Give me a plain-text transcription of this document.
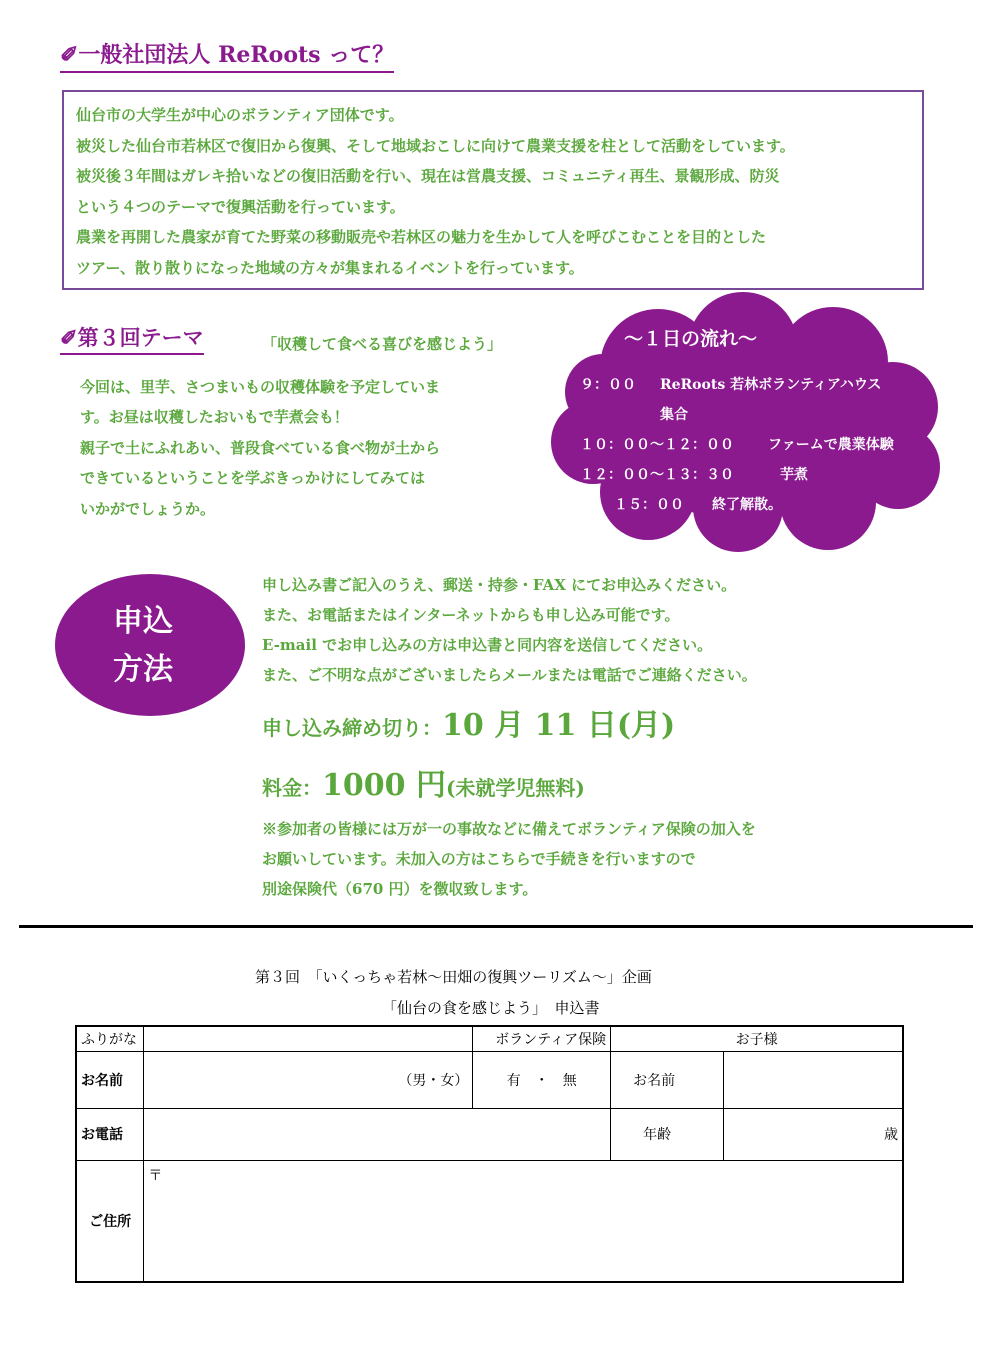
✐一般社団法人 ReRoots って？
仙台市の大学生が中心のボランティア団体です。
被災した仙台市若林区で復旧から復興、そして地域おこしに向けて農業支援を柱として活動をしています。
被災後３年間はガレキ拾いなどの復旧活動を行い、現在は営農支援、コミュニティ再生、景観形成、防災
という４つのテーマで復興活動を行っています。
農業を再開した農家が育てた野菜の移動販売や若林区の魅力を生かして人を呼びこむことを目的とした
ツアー、散り散りになった地域の方々が集まれるイベントを行っています。
✐第３回テーマ	「収穫して食べる喜びを感じよう」
今回は、里芋、さつまいもの収穫体験を予定していま
す。お昼は収穫したおいもで芋煮会も！
親子で土にふれあい、普段食べている食べ物が土から
できているということを学ぶきっかけにしてみては
いかがでしょうか。
～１日の流れ～
９：００ ReRoots 若林ボランティアハウス
集合
１０：００～１２：００ ファームで農業体験
１２：００～１３：３０	芋煮
１５：００ 終了解散。
申込
方法
申し込み書ご記入のうえ、郵送・持参・FAX にてお申込みください。
また、お電話またはインターネットからも申し込み可能です。
E-mail でお申し込みの方は申込書と同内容を送信してください。
また、ご不明な点がございましたらメールまたは電話でご連絡ください。
申し込み締め切り：10 月 11 日(月)
料金：1000 円(未就学児無料)
※参加者の皆様には万が一の事故などに備えてボランティア保険の加入を
お願いしています。未加入の方はこちらで手続きを行いますので
別途保険代（670 円）を徴収致します。
第３回　「いくっちゃ若林～田畑の復興ツーリズム～」企画
「仙台の食を感じよう」　申込書
ふりがな		ボランティア保険	お子様	
お名前	（男・女）	有　・　無	お名前	
お電話			年齢	歳
ご住所	〒			
